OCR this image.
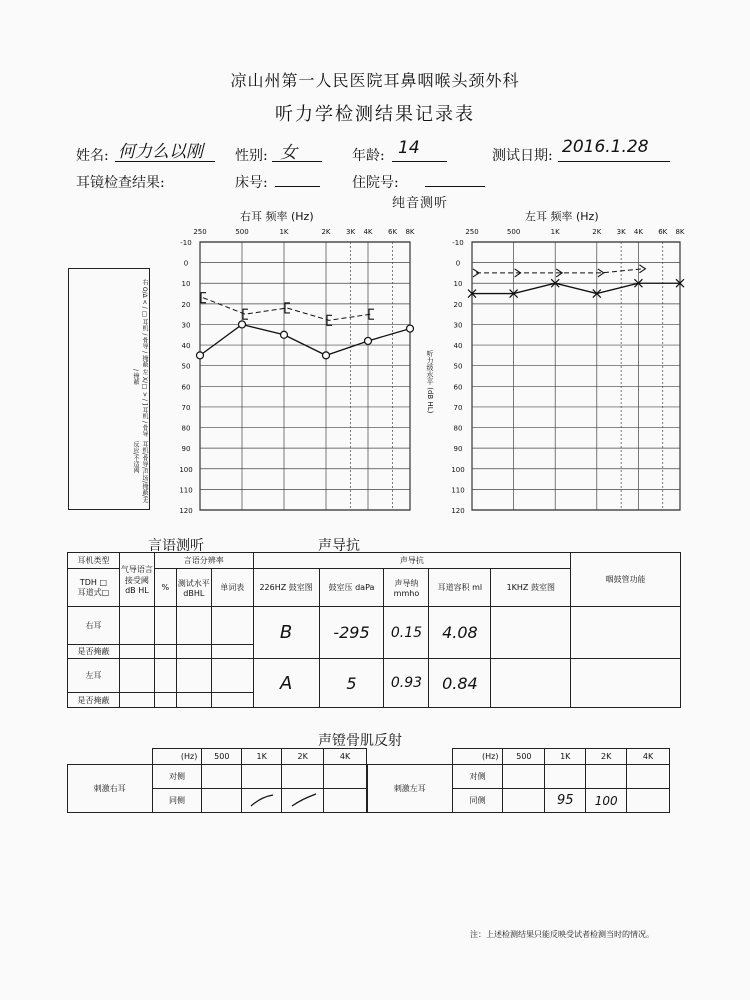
凉山州第一人民医院耳鼻咽喉头颈外科
听力学检测结果记录表
姓名: 何力么以刚 性别: 女	年龄: 14	测试日期: 2016.1.28
耳镜检查结果:	床号:	住院号:
纯音测听
右 O/Δ < / □ 耳机 / 骨导 / 掩蔽
左 X/□ > / ] 耳机 / 骨导 / 掩蔽
耳机/骨导/声场/掩蔽/无反应/不适阈
右耳 频率 (Hz)	左耳 频率 (Hz)
听力级水平 (dB HL)
250	500	1K	2K 3K 4K 6K 8K
-10
0
10
20
30
40
50
60
70
80
90
100
110
120
250	500	1K	2K 3K 4K 6K 8K
-10
0
10
20
30
40
50
60
70
80
90
100
110
120
言语测听	声导抗
耳机类型	气导语言接受阈 dB HL	言语分辨率			声导抗					咽鼓管功能
TDH □
耳道式□		%	测试水平 dBHL	单词表	226HZ 鼓室图	鼓室压 daPa	声导纳 mmho	耳道容积 ml	1KHZ 鼓室图	
右耳					B	-295	0.15	4.08		
是否掩蔽										
左耳					A	5	0.93	0.84		
是否掩蔽										
声镫骨肌反射
	(Hz)	500	1K	2K	4K
刺激右耳	对侧				
	同侧				
	(Hz)	500	1K	2K	4K
刺激左耳	对侧				
	同侧		95	100	
注：上述检测结果只能反映受试者检测当时的情况。
